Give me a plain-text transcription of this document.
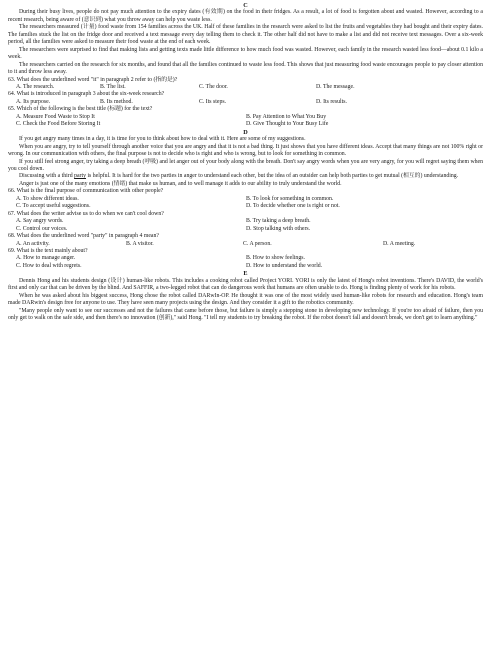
C

During their busy lives, people do not pay much attention to the expiry dates (有效期) on the food in their fridges. As a result, a lot of food is forgotten about and wasted. However, according to a recent research, being aware of (意识到) what you throw away can help you waste less.

The researchers measured (计量) food waste from 154 families across the UK. Half of these families in the research were asked to list the fruits and vegetables they had bought and their expiry dates. The families stuck the list on the fridge door and received a text message every day telling them to check it. The other half did not have to make a list and did not receive text messages. Over a six-week period, all the families were asked to measure their food waste at the end of each week.

The researchers were surprised to find that making lists and getting texts made little difference to how much food was wasted. However, each family in the research wasted less food—about 0.1 kilo a week.

The researchers carried on the research for six months, and found that all the families continued to waste less food. This shows that just measuring food waste encourages people to pay closer attention to it and throw less away.

63. What does the underlined word "it" in paragraph 2 refer to (指的是)?

A. The research.	B. The list.	C. The door.	D. The message.

64. What is introduced in paragraph 3 about the six-week research?

A. Its purpose.	B. Its method.	C. Its steps.	D. Its results.

65. Which of the following is the best title (标题) for the text?

A. Measure Food Waste to Stop It	B. Pay Attention to What You Buy
C. Check the Food Before Storing It	D. Give Thought to Your Busy Life
D

If you get angry many times in a day, it is time for you to think about how to deal with it. Here are some of my suggestions.

When you are angry, try to tell yourself through another voice that you are angry and that it is not a bad thing. It just shows that you have different ideas. Accept that many things are not 100% right or wrong. In our communication with others, the final purpose is not to decide who is right and who is wrong, but to look for something in common.

If you still feel strong anger, try taking a deep breath (呼吸) and let anger out of your body along with the breath. Don't say angry words when you are very angry, for you will regret saying them when you cool down.

Discussing with a third party is helpful. It is hard for the two parties in anger to understand each other, but the idea of an outsider can help both parties to get mutual (相互的) understanding.

Anger is just one of the many emotions (情绪) that make us human, and to well manage it adds to our ability to truly understand the world.

66. What is the final purpose of communication with other people?

A. To show different ideas.	B. To look for something in common.
C. To accept useful suggestions.	D. To decide whether one is right or not.

67. What does the writer advise us to do when we can't cool down?

A. Say angry words.	B. Try taking a deep breath.
C. Control our voices.	D. Stop talking with others.

68. What does the underlined word "party" in paragraph 4 mean?

A. An activity.	B. A visitor.	C. A person.	D. A meeting.

69. What is the text mainly about?

A. How to manage anger.	B. How to show feelings.
C. How to deal with regrets.	D. How to understand the world.
E

Dennis Hong and his students design (设计) human-like robots. This includes a cooking robot called Project YORI. YORI is only the latest of Hong's robot inventions. There's DAVID, the world's first and only car that can be driven by the blind. And SAFFIR, a two-legged robot that can do dangerous work that humans are often unable to do. Hong is finding plenty of work for his robots.

When he was asked about his biggest success, Hong chose the robot called DARwIn-OP. He thought it was one of the most widely used human-like robots for research and education. Hong's team made DARwin's design free for anyone to use. They have seen many projects using the design. And they consider it a gift to the robotics community.

"Many people only want to see our successes and not the failures that came before those, but failure is simply a stepping stone in developing new technology. If you're too afraid of failure, then you only get to walk on the safe side, and then there's no innovation (创新)," said Hong. "I tell my students to try breaking the robot. If the robot doesn't fall and doesn't break, we don't get to learn anything."
